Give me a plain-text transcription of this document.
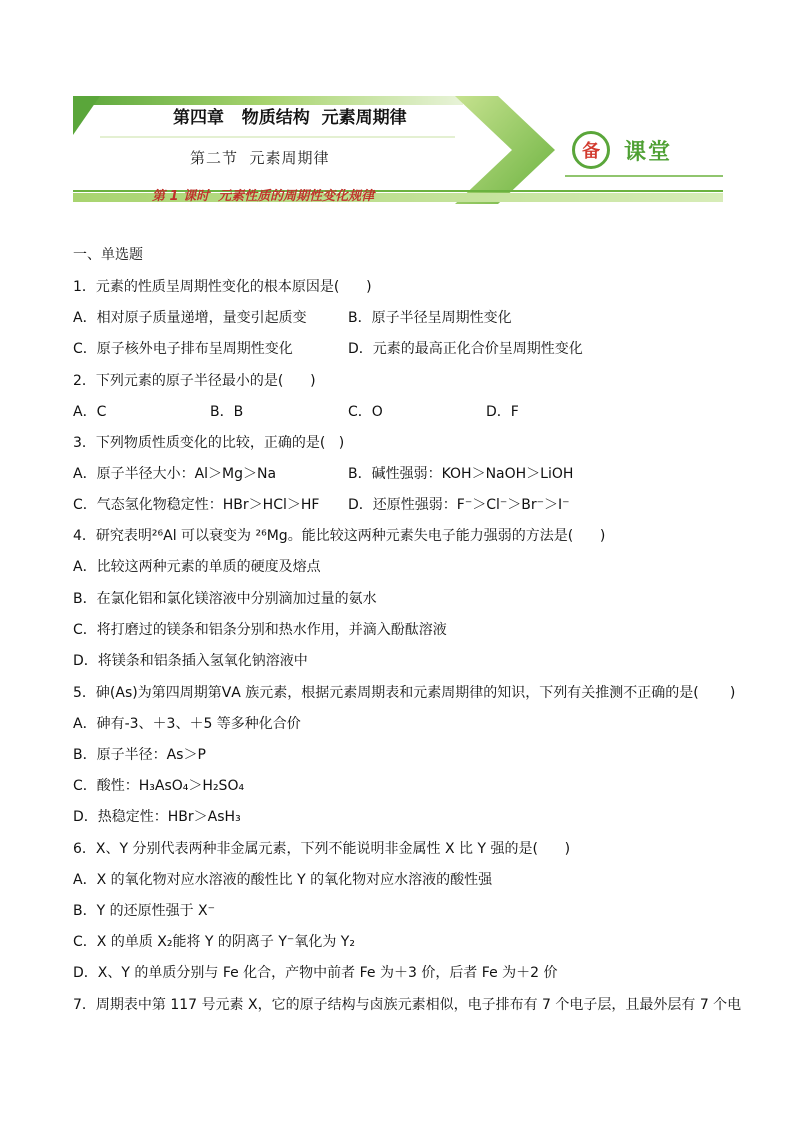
第四章   物质结构  元素周期律
第二节  元素周期律
第 1 课时  元素性质的周期性变化规律
备	课堂
一、单选题
1．元素的性质呈周期性变化的根本原因是(      )
A．相对原子质量递增，量变引起质变	B．原子半径呈周期性变化
C．原子核外电子排布呈周期性变化	D．元素的最高正化合价呈周期性变化
2．下列元素的原子半径最小的是(      )
A．C	B．B	C．O	D．F
3．下列物质性质变化的比较，正确的是(   )
A．原子半径大小：Al＞Mg＞Na	B．碱性强弱：KOH＞NaOH＞LiOH
C．气态氢化物稳定性：HBr＞HCl＞HF D．还原性强弱：F⁻＞Cl⁻＞Br⁻＞I⁻
4．研究表明²⁶Al 可以衰变为 ²⁶Mg。能比较这两种元素失电子能力强弱的方法是(      )
A．比较这两种元素的单质的硬度及熔点
B．在氯化铝和氯化镁溶液中分别滴加过量的氨水
C．将打磨过的镁条和铝条分别和热水作用，并滴入酚酞溶液
D．将镁条和铝条插入氢氧化钠溶液中
5．砷(As)为第四周期第ⅤA 族元素，根据元素周期表和元素周期律的知识，下列有关推测不正确的是(       )
A．砷有-3、＋3、＋5 等多种化合价
B．原子半径：As＞P
C．酸性：H₃AsO₄＞H₂SO₄
D．热稳定性：HBr＞AsH₃
6．X、Y 分别代表两种非金属元素，下列不能说明非金属性 X 比 Y 强的是(      )
A．X 的氧化物对应水溶液的酸性比 Y 的氧化物对应水溶液的酸性强
B．Y 的还原性强于 X⁻
C．X 的单质 X₂能将 Y 的阴离子 Y⁻氧化为 Y₂
D．X、Y 的单质分别与 Fe 化合，产物中前者 Fe 为＋3 价，后者 Fe 为＋2 价
7．周期表中第 117 号元素 X，它的原子结构与卤族元素相似，电子排布有 7 个电子层，且最外层有 7 个电
